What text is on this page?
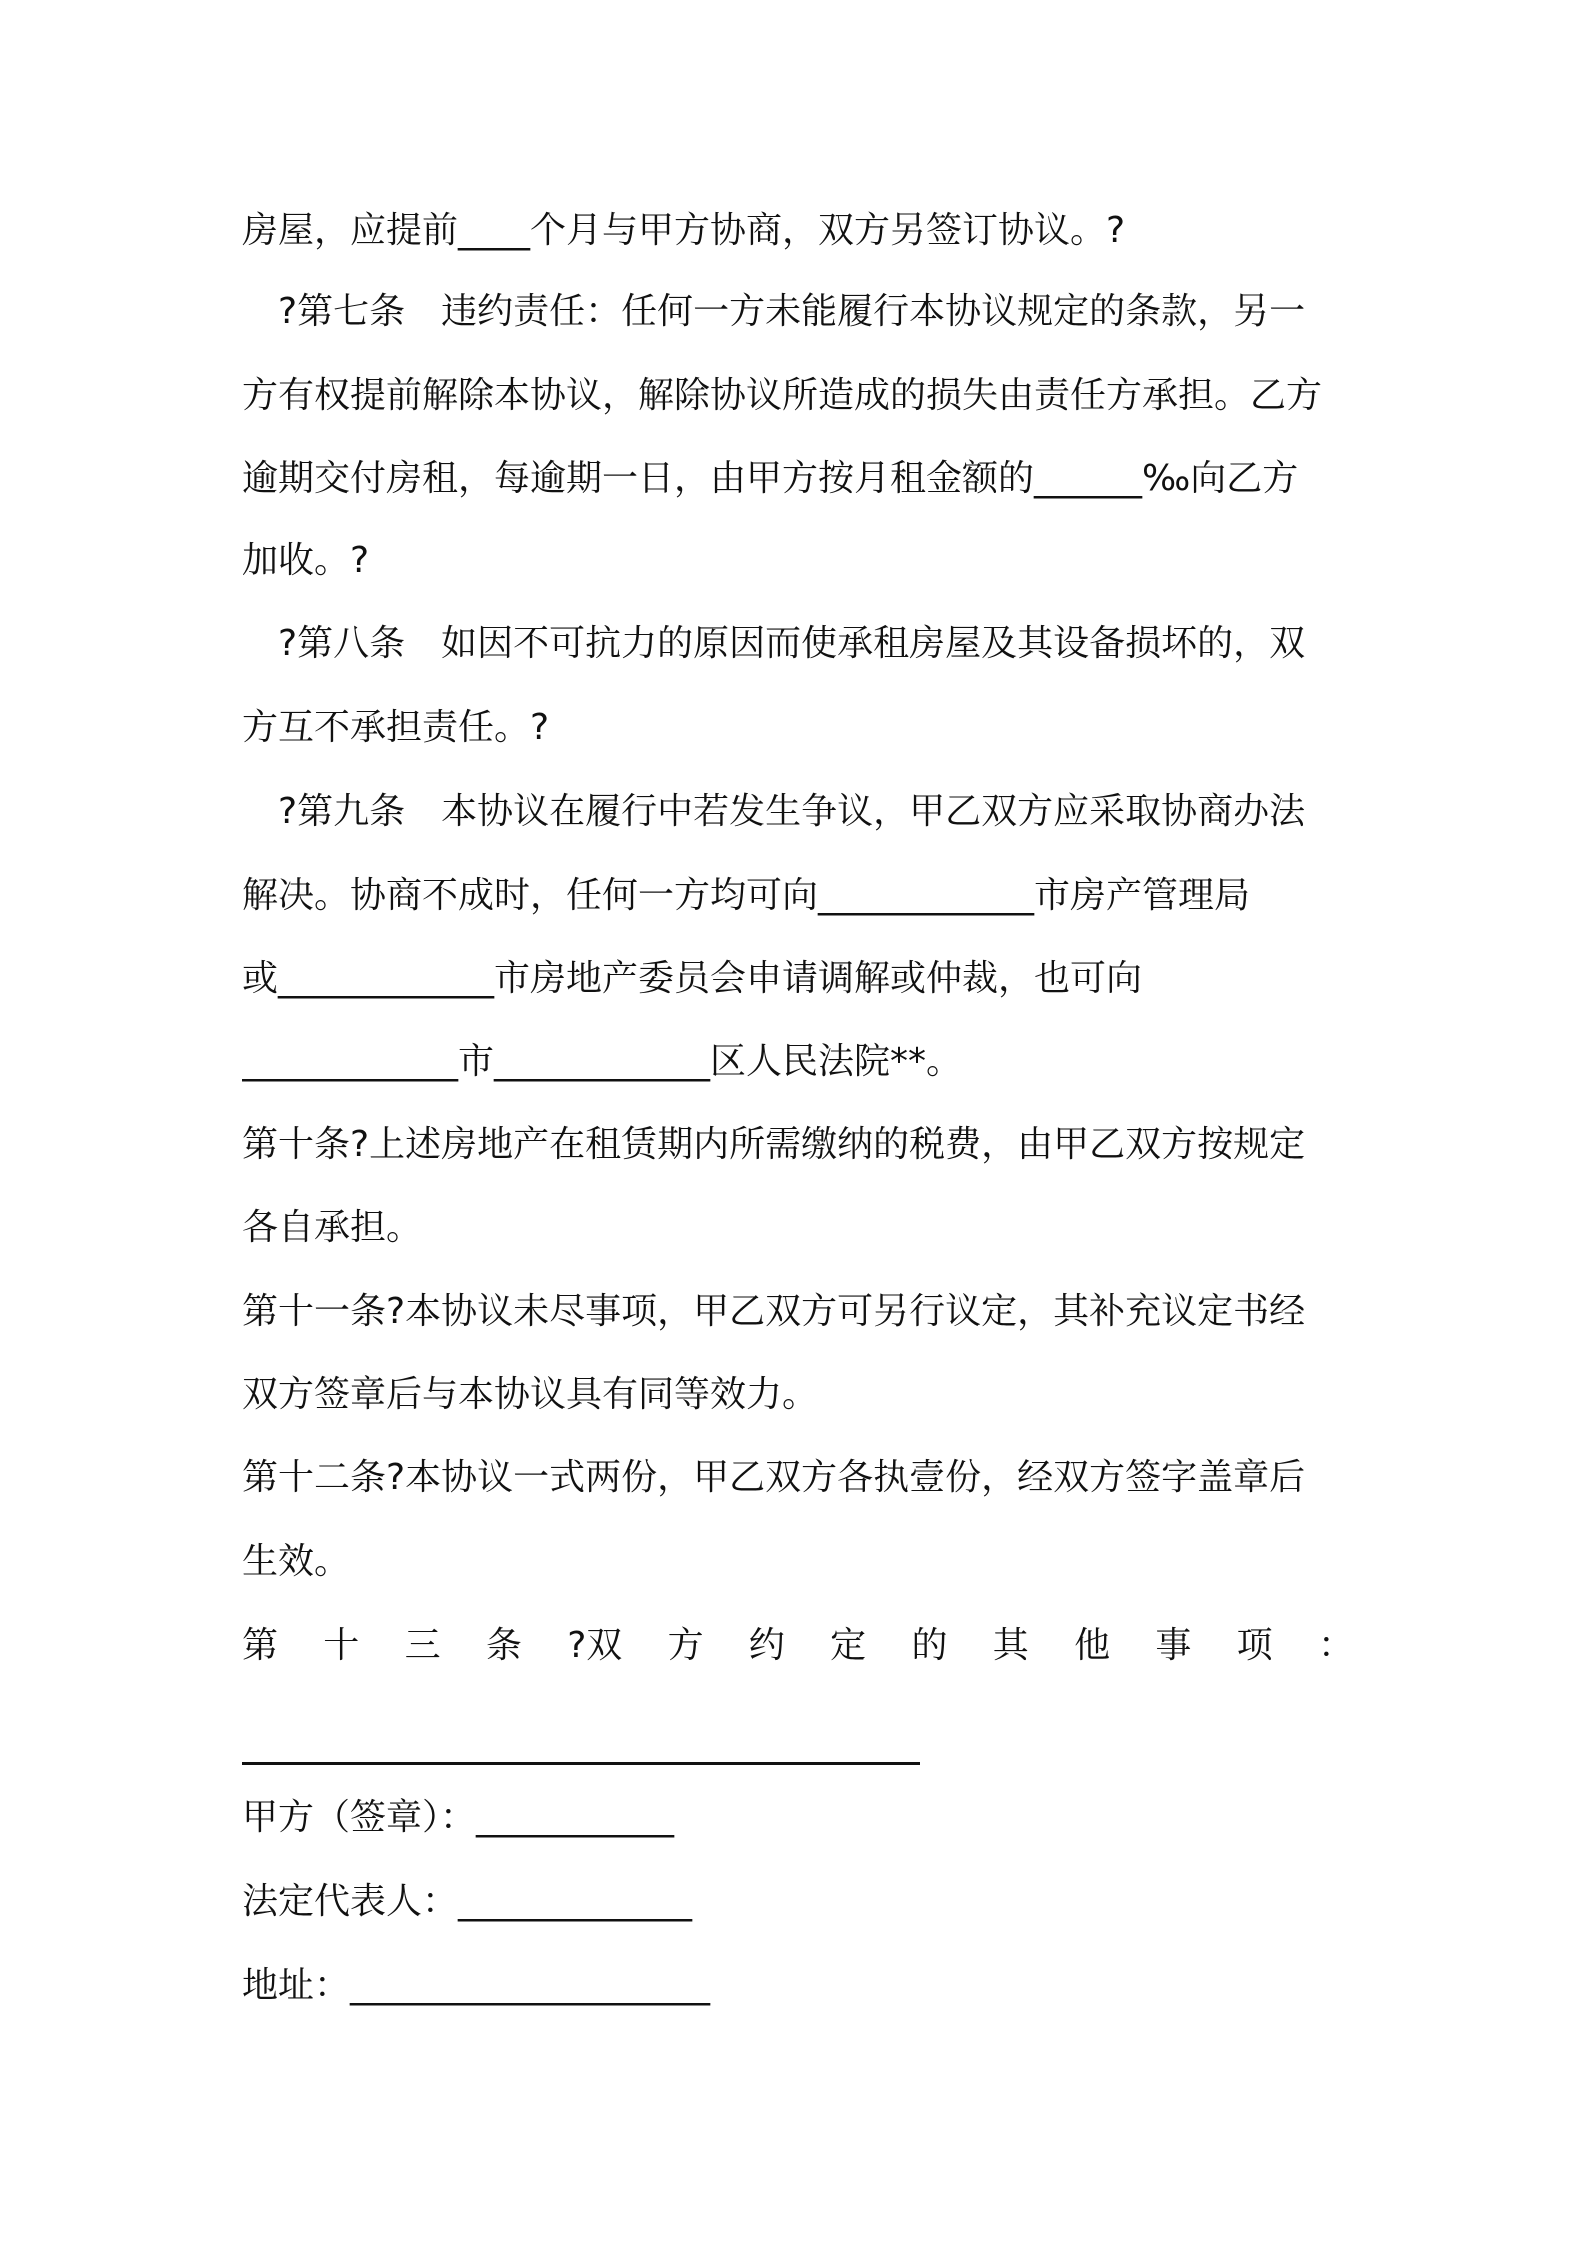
房屋，应提前____个月与甲方协商，双方另签订协议。?
?第七条　违约责任：任何一方未能履行本协议规定的条款，另一
方有权提前解除本协议，解除协议所造成的损失由责任方承担。乙方
逾期交付房租，每逾期一日，由甲方按月租金额的______‰向乙方
加收。?
?第八条　如因不可抗力的原因而使承租房屋及其设备损坏的，双
方互不承担责任。?
?第九条　本协议在履行中若发生争议，甲乙双方应采取协商办法
解决。协商不成时，任何一方均可向____________市房产管理局
或____________市房地产委员会申请调解或仲裁，也可向
____________市____________区人民法院**。
第十条?上述房地产在租赁期内所需缴纳的税费，由甲乙双方按规定
各自承担。
第十一条?本协议未尽事项，甲乙双方可另行议定，其补充议定书经
双方签章后与本协议具有同等效力。
第十二条?本协议一式两份，甲乙双方各执壹份，经双方签字盖章后
生效。
第 十 三 条 ?双 方 约 定 的 其 他 事 项 ：
甲方（签章）：___________
法定代表人：_____________
地址：____________________
